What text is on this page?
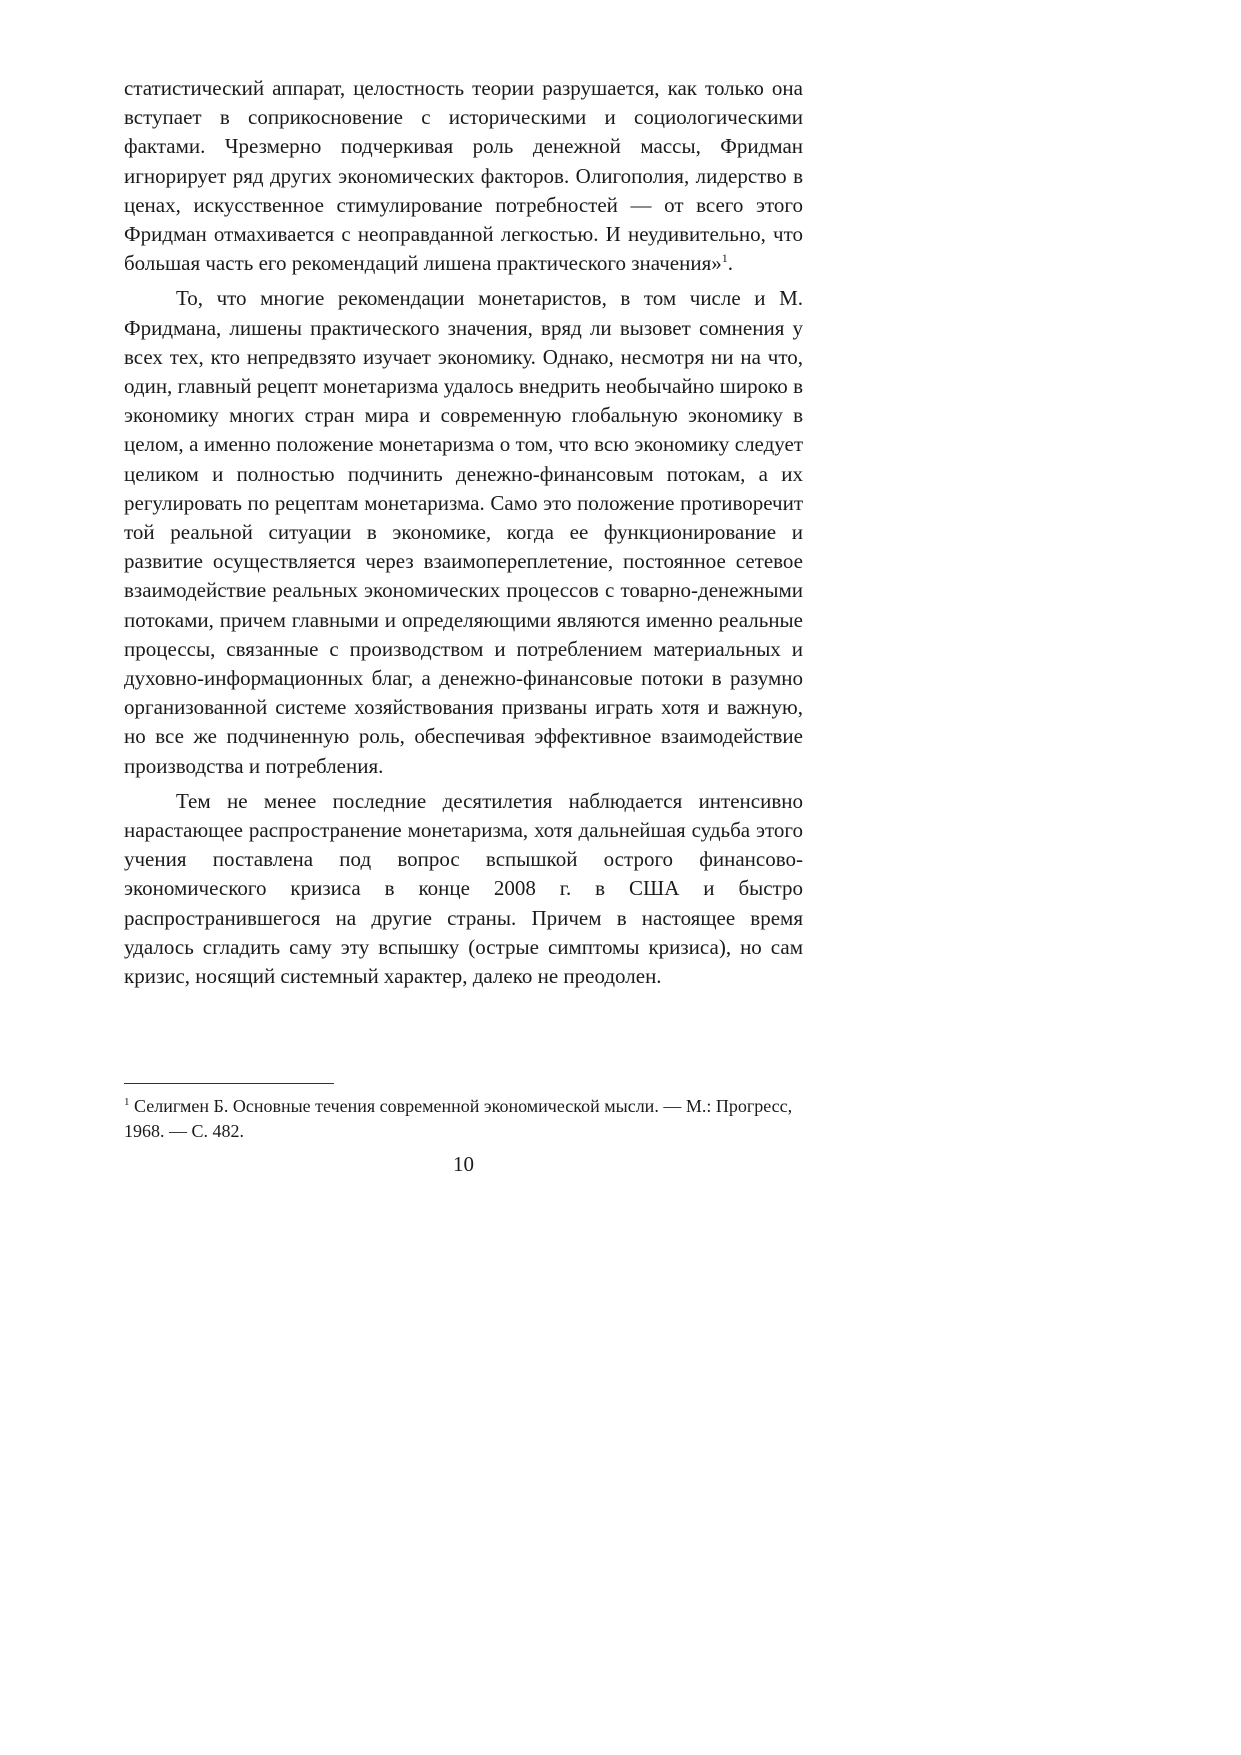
статистический аппарат, целостность теории разрушается, как только она вступает в соприкосновение с историческими и социологическими фактами. Чрезмерно подчеркивая роль денежной массы, Фридман игнорирует ряд других экономических факторов. Олигополия, лидерство в ценах, искусственное стимулирование потребностей — от всего этого Фридман отмахивается с неоправданной легкостью. И неудивительно, что большая часть его рекомендаций лишена практического значения»$^1$.

То, что многие рекомендации монетаристов, в том числе и М. Фридмана, лишены практического значения, вряд ли вызовет сомнения у всех тех, кто непредвзято изучает экономику. Однако, несмотря ни на что, один, главный рецепт монетаризма удалось внедрить необычайно широко в экономику многих стран мира и современную глобальную экономику в целом, а именно положение монетаризма о том, что всю экономику следует целиком и полностью подчинить денежно-финансовым потокам, а их регулировать по рецептам монетаризма. Само это положение противоречит той реальной ситуации в экономике, когда ее функционирование и развитие осуществляется через взаимопереплетение, постоянное сетевое взаимодействие реальных экономических процессов с товарно-денежными потоками, причем главными и определяющими являются именно реальные процессы, связанные с производством и потреблением материальных и духовно-информационных благ, а денежно-финансовые потоки в разумно организованной системе хозяйствования призваны играть хотя и важную, но все же подчиненную роль, обеспечивая эффективное взаимодействие производства и потребления.

Тем не менее последние десятилетия наблюдается интенсивно нарастающее распространение монетаризма, хотя дальнейшая судьба этого учения поставлена под вопрос вспышкой острого финансово-экономического кризиса в конце 2008 г. в США и быстро распространившегося на другие страны. Причем в настоящее время удалось сгладить саму эту вспышку (острые симптомы кризиса), но сам кризис, носящий системный характер, далеко не преодолен.

$^1$ Селигмен Б. Основные течения современной экономической мысли. — М.: Прогресс, 1968. — С. 482.

10
